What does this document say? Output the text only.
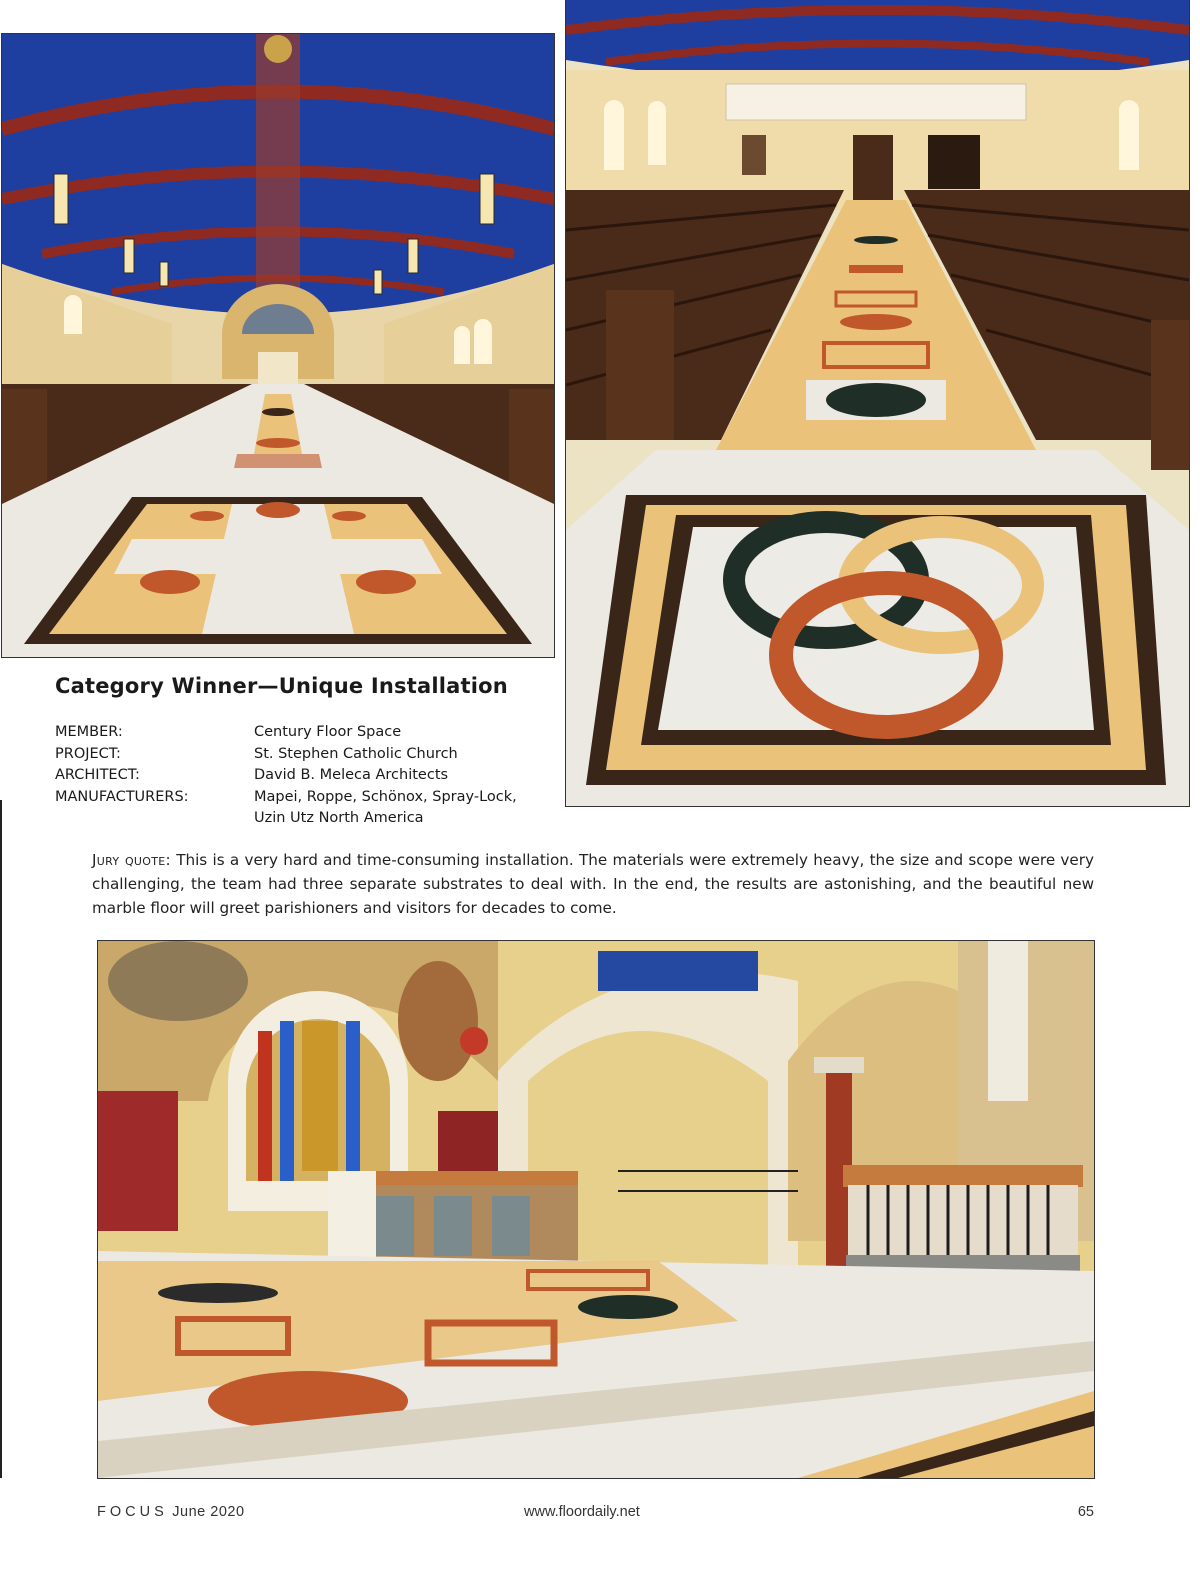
Category Winner—Unique Installation
MEMBER:	Century Floor Space
PROJECT:	St. Stephen Catholic Church
ARCHITECT:	David B. Meleca Architects
MANUFACTURERS:	Mapei, Roppe, Schönox, Spray-Lock,
Uzin Utz North America

Jury quote: This is a very hard and time-consuming installation. The materials were extremely heavy, the size and scope were very challenging, the team had three separate substrates to deal with. In the end, the results are astonishing, and the beautiful new marble floor will greet parishioners and visitors for decades to come.

FOCUS June 2020	www.floordaily.net	65
